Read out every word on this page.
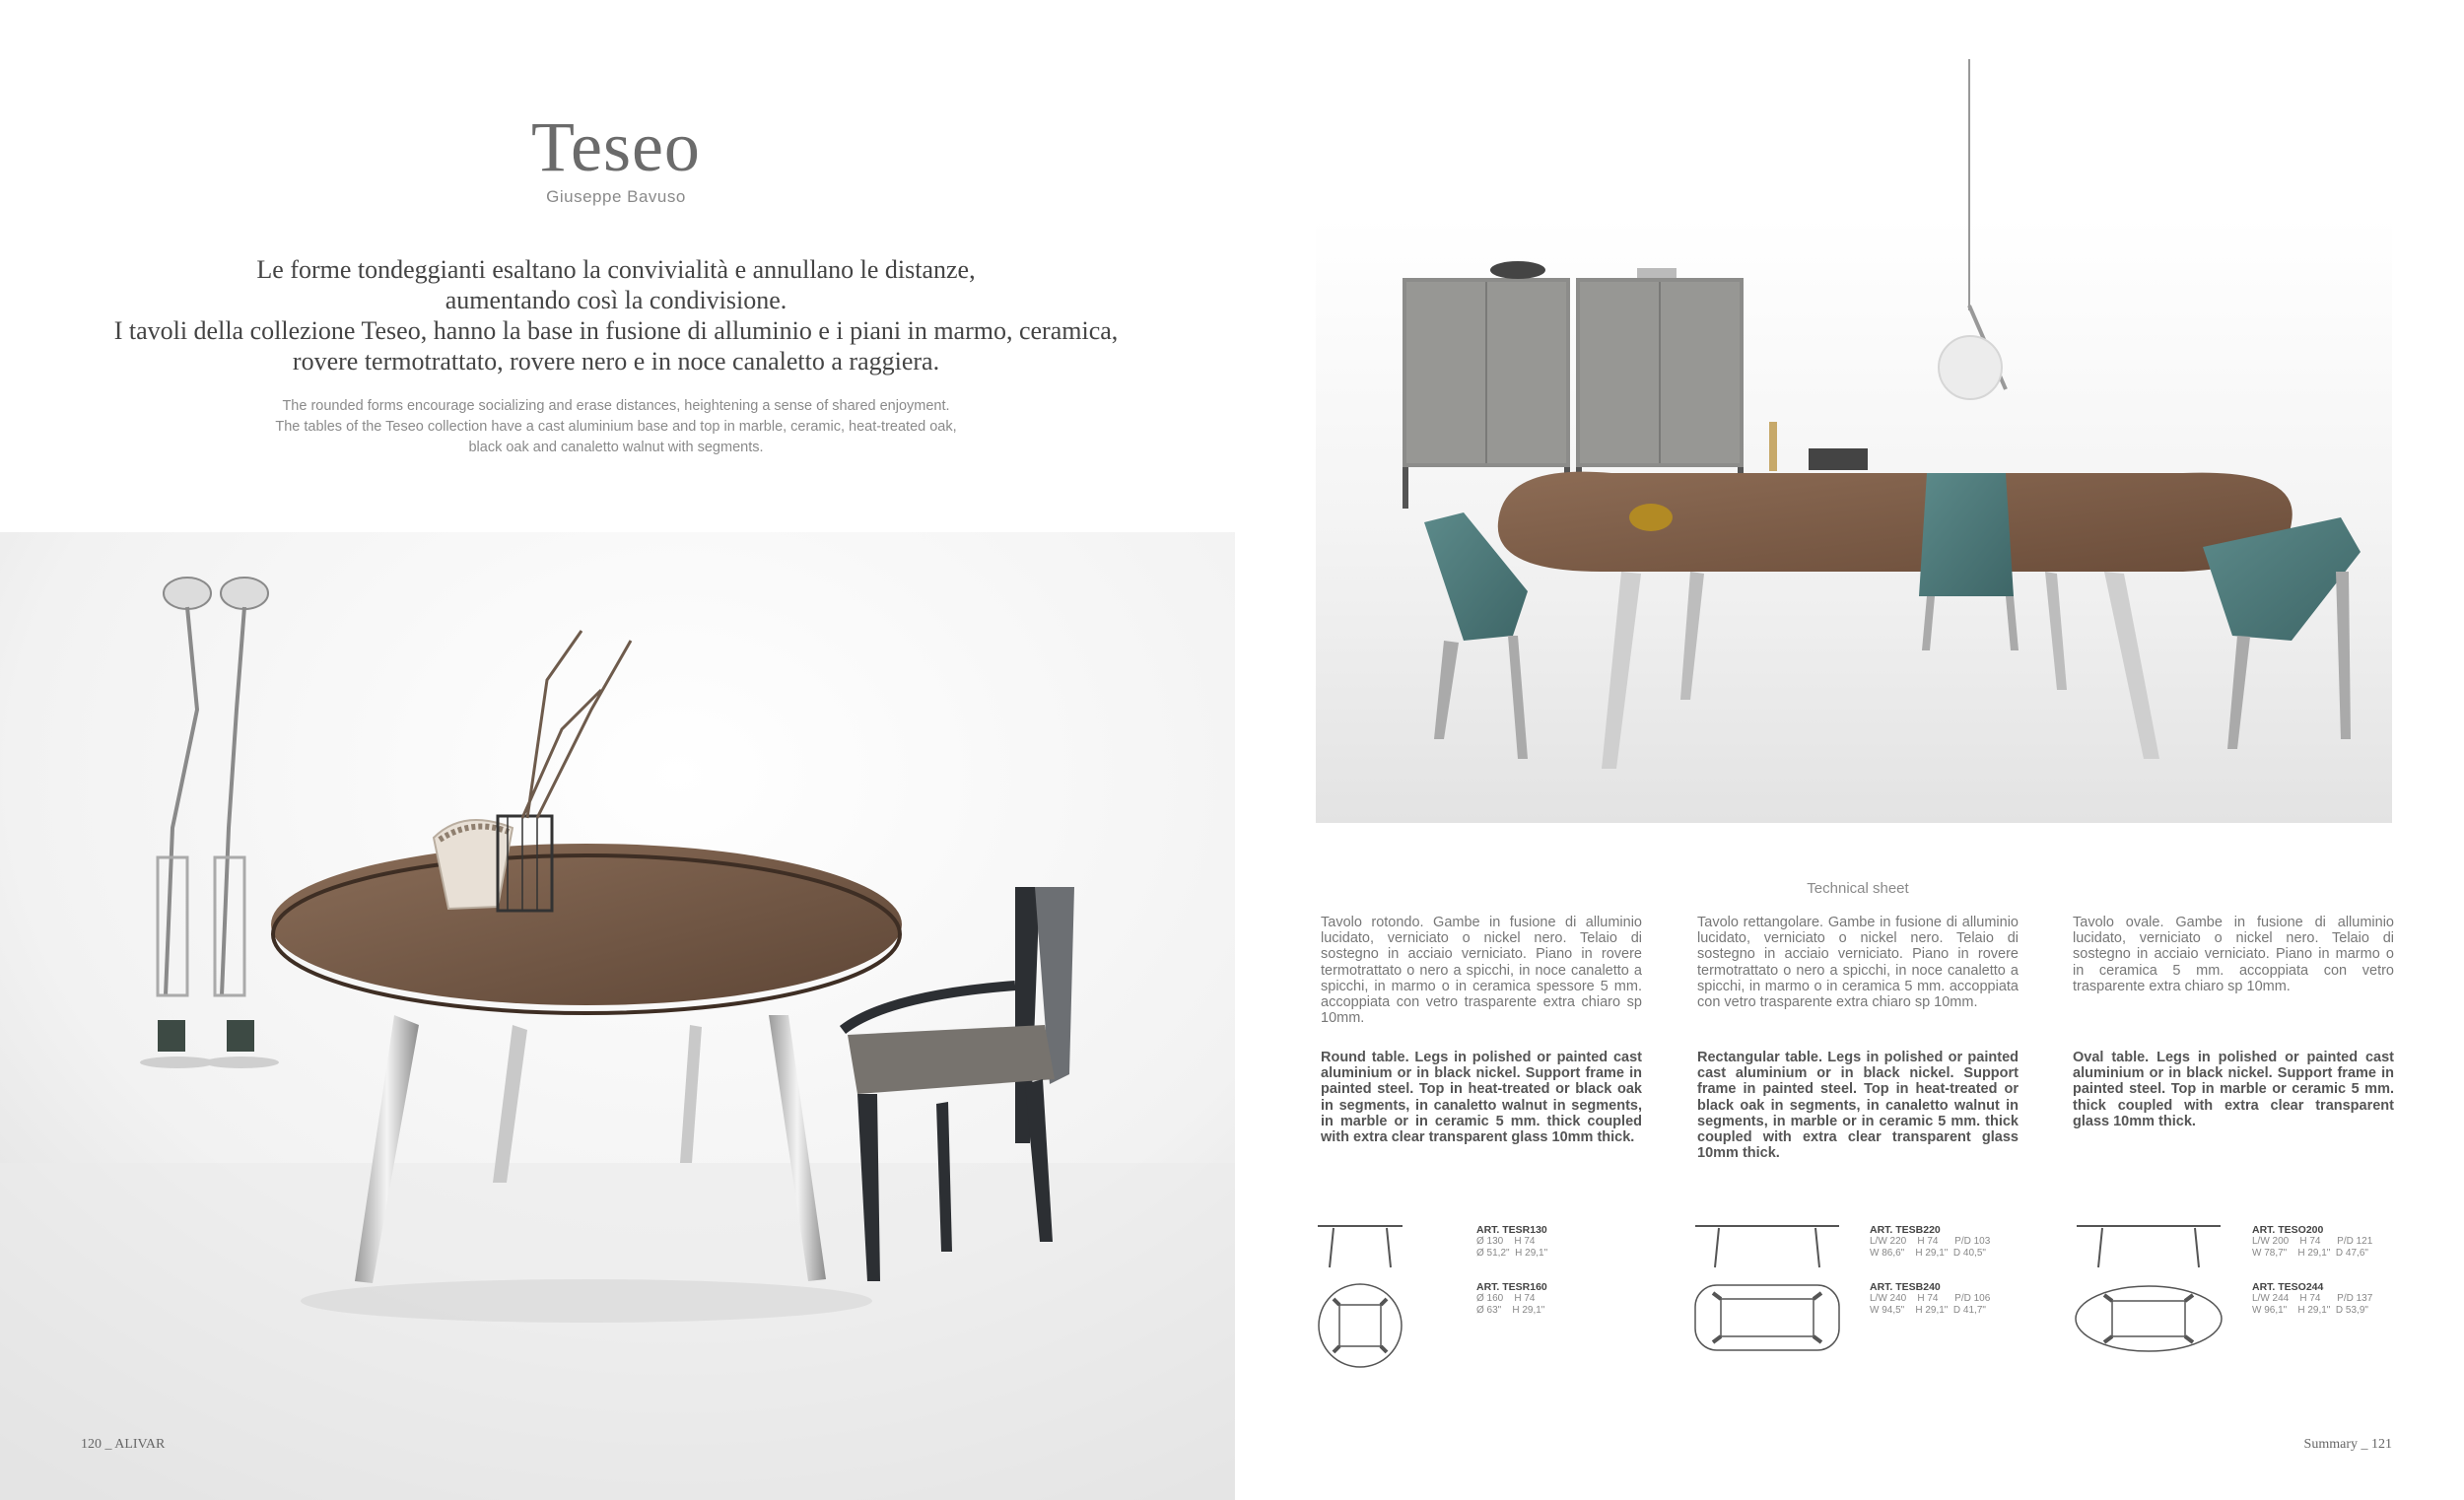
Teseo
Giuseppe Bavuso
Le forme tondeggianti esaltano la convivialità e annullano le distanze,
aumentando così la condivisione.
I tavoli della collezione Teseo, hanno la base in fusione di alluminio e i piani in marmo, ceramica,
rovere termotrattato, rovere nero e in noce canaletto a raggiera.
The rounded forms encourage socializing and erase distances, heightening a sense of shared enjoyment.
The tables of the Teseo collection have a cast aluminium base and top in marble, ceramic, heat-treated oak,
black oak and canaletto walnut with segments.
Technical sheet
Tavolo rotondo. Gambe in fusione di alluminio lucidato, verniciato o nickel nero. Telaio di sostegno in acciaio verniciato. Piano in rovere termotrattato o nero a spicchi, in noce canaletto a spicchi, in marmo o in ceramica spessore 5 mm. accoppiata con vetro trasparente extra chiaro sp 10mm.
Round table. Legs in polished or painted cast aluminium or in black nickel. Support frame in painted steel. Top in heat-treated or black oak in segments, in canaletto walnut in segments, in marble or in ceramic 5 mm. thick coupled with extra clear transparent glass 10mm thick.
Tavolo rettangolare. Gambe in fusione di alluminio lucidato, verniciato o nickel nero. Telaio di sostegno in acciaio verniciato. Piano in rovere termotrattato o nero a spicchi, in noce canaletto a spicchi, in marmo o in ceramica 5 mm. accoppiata con vetro trasparente extra chiaro sp 10mm.
Rectangular table. Legs in polished or painted cast aluminium or in black nickel. Support frame in painted steel. Top in heat-treated or black oak in segments, in canaletto walnut in segments, in marble or in ceramic 5 mm. thick coupled with extra clear transparent glass 10mm thick.
Tavolo ovale. Gambe in fusione di alluminio lucidato, verniciato o nickel nero. Telaio di sostegno in acciaio verniciato. Piano in marmo o in ceramica 5 mm. accoppiata con vetro trasparente extra chiaro sp 10mm.
Oval table. Legs in polished or painted cast aluminium or in black nickel. Support frame in painted steel. Top in marble or ceramic 5 mm. thick coupled with extra clear transparent glass 10mm thick.
ART. TESR130
Ø 130    H 74
Ø 51,2"  H 29,1"
ART. TESR160
Ø 160    H 74
Ø 63"    H 29,1"
ART. TESB220
L/W 220    H 74      P/D 103
W 86,6"    H 29,1"  D 40,5"
ART. TESB240
L/W 240    H 74      P/D 106
W 94,5"    H 29,1"  D 41,7"
ART. TESO200
L/W 200    H 74      P/D 121
W 78,7"    H 29,1"  D 47,6"
ART. TESO244
L/W 244    H 74      P/D 137
W 96,1"    H 29,1"  D 53,9"
120 _ ALIVAR	Summary _ 121
